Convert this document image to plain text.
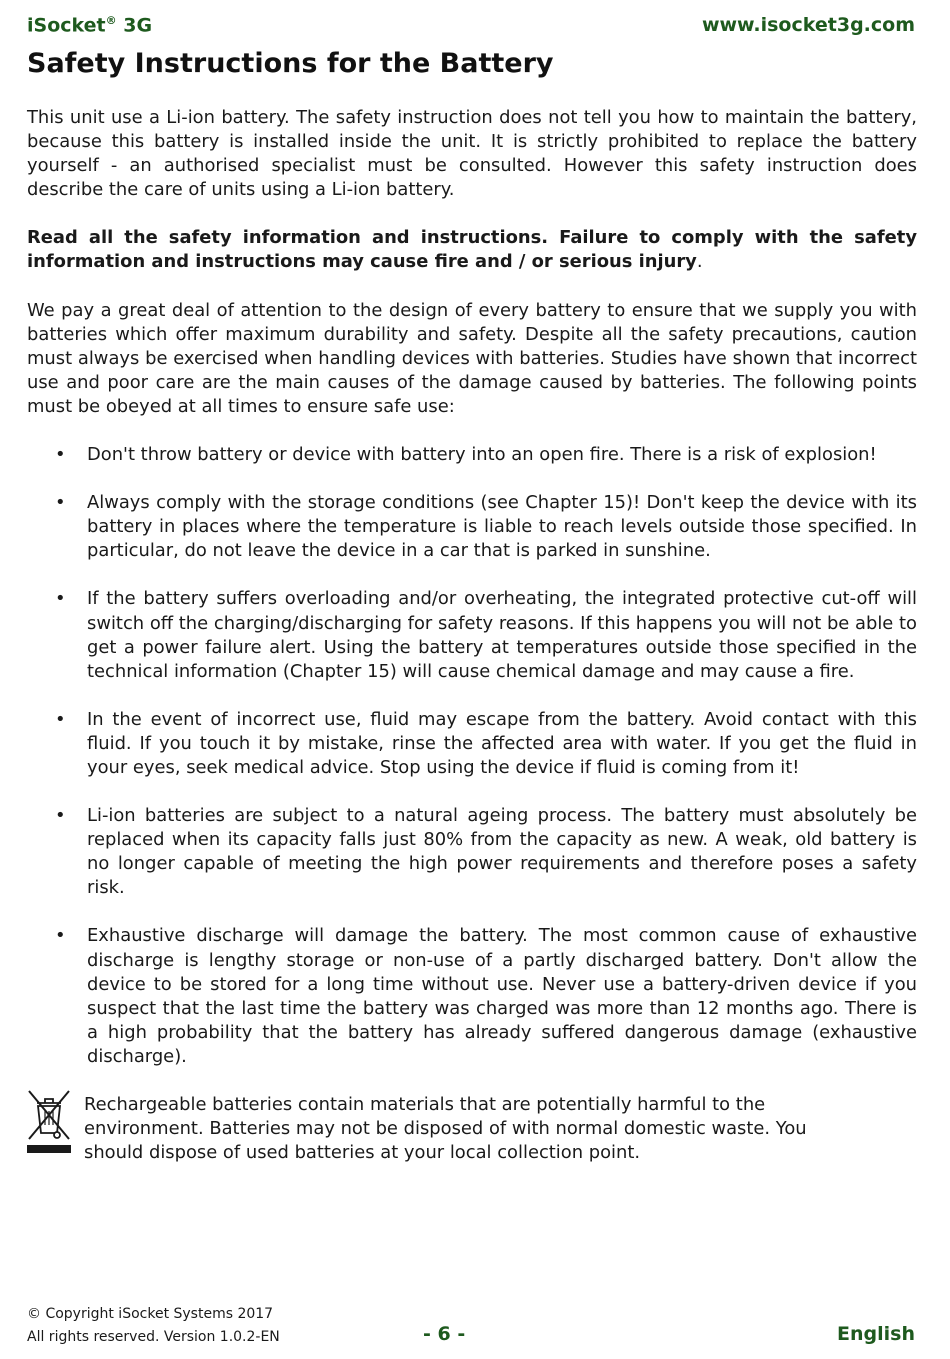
iSocket® 3G	www.isocket3g.com
Safety Instructions for the Battery

This unit use a Li-ion battery. The safety instruction does not tell you how to maintain the battery, because this battery is installed inside the unit. It is strictly prohibited to replace the battery yourself - an authorised specialist must be consulted. However this safety instruction does describe the care of units using a Li-ion battery.

Read all the safety information and instructions. Failure to comply with the safety information and instructions may cause fire and / or serious injury.

We pay a great deal of attention to the design of every battery to ensure that we supply you with batteries which offer maximum durability and safety. Despite all the safety precautions, caution must always be exercised when handling devices with batteries. Studies have shown that incorrect use and poor care are the main causes of the damage caused by batteries. The following points must be obeyed at all times to ensure safe use:

• Don't throw battery or device with battery into an open fire. There is a risk of explosion!
• Always comply with the storage conditions (see Chapter 15)! Don't keep the device with its battery in places where the temperature is liable to reach levels outside those specified. In particular, do not leave the device in a car that is parked in sunshine.
• If the battery suffers overloading and/or overheating, the integrated protective cut-off will switch off the charging/discharging for safety reasons. If this happens you will not be able to get a power failure alert. Using the battery at temperatures outside those specified in the technical information (Chapter 15) will cause chemical damage and may cause a fire.
• In the event of incorrect use, fluid may escape from the battery. Avoid contact with this fluid. If you touch it by mistake, rinse the affected area with water. If you get the fluid in your eyes, seek medical advice. Stop using the device if fluid is coming from it!
• Li-ion batteries are subject to a natural ageing process. The battery must absolutely be replaced when its capacity falls just 80% from the capacity as new. A weak, old battery is no longer capable of meeting the high power requirements and therefore poses a safety risk.
• Exhaustive discharge will damage the battery. The most common cause of exhaustive discharge is lengthy storage or non-use of a partly discharged battery. Don't allow the device to be stored for a long time without use. Never use a battery-driven device if you suspect that the last time the battery was charged was more than 12 months ago. There is a high probability that the battery has already suffered dangerous damage (exhaustive discharge).
Rechargeable batteries contain materials that are potentially harmful to the
environment. Batteries may not be disposed of with normal domestic waste. You
should dispose of used batteries at your local collection point.
© Copyright iSocket Systems 2017
All rights reserved. Version 1.0.2-EN	- 6 -	English
